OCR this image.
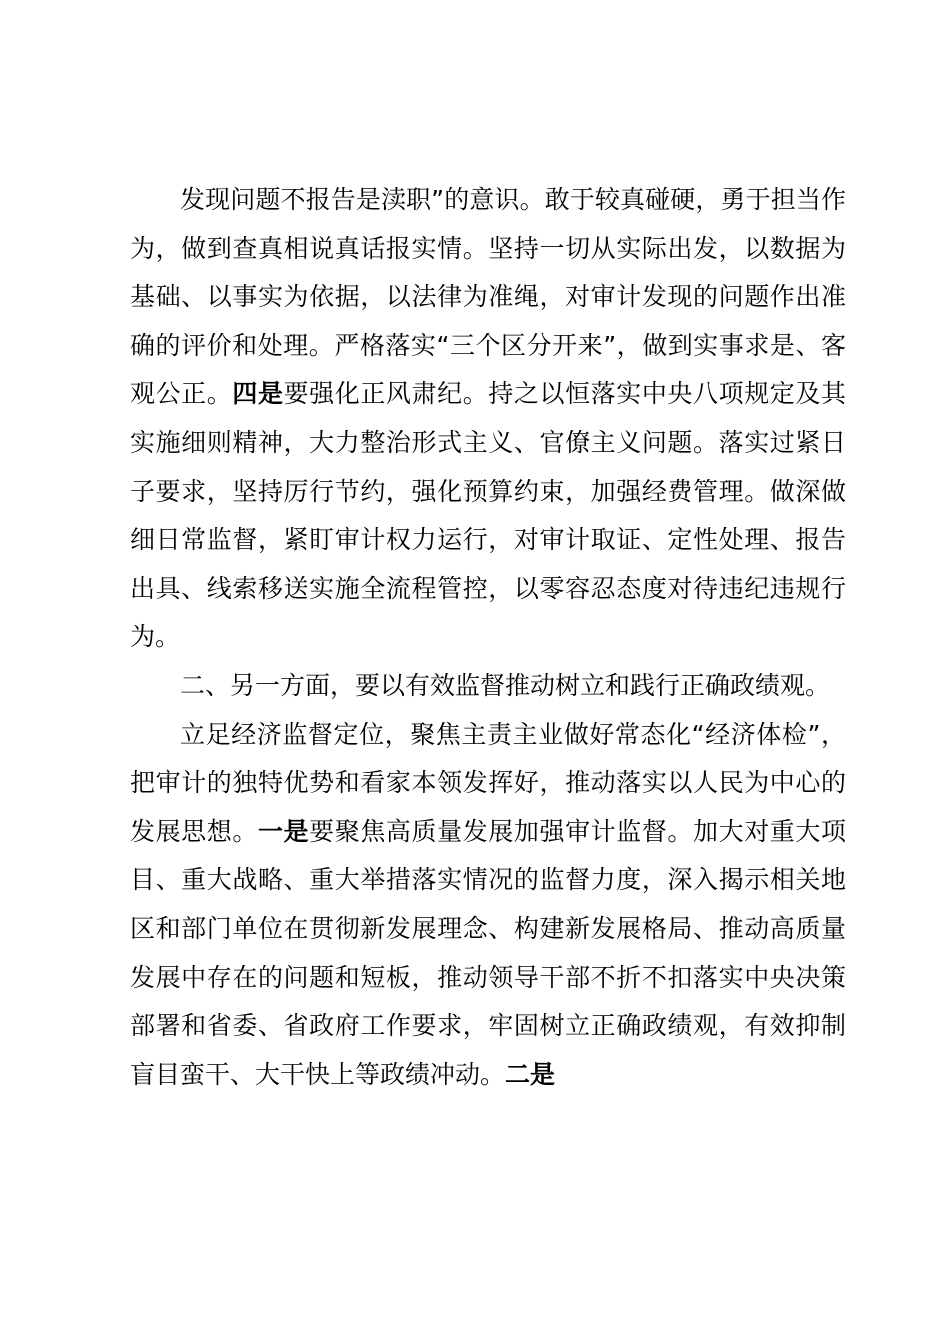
发现问题不报告是渎职”的意识。敢于较真碰硬，勇于担当作为，做到查真相说真话报实情。坚持一切从实际出发，以数据为基础、以事实为依据，以法律为准绳，对审计发现的问题作出准确的评价和处理。严格落实“三个区分开来”，做到实事求是、客观公正。四是要强化正风肃纪。持之以恒落实中央八项规定及其实施细则精神，大力整治形式主义、官僚主义问题。落实过紧日子要求，坚持厉行节约，强化预算约束，加强经费管理。做深做细日常监督，紧盯审计权力运行，对审计取证、定性处理、报告出具、线索移送实施全流程管控，以零容忍态度对待违纪违规行为。

二、另一方面，要以有效监督推动树立和践行正确政绩观。

立足经济监督定位，聚焦主责主业做好常态化“经济体检”，把审计的独特优势和看家本领发挥好，推动落实以人民为中心的发展思想。一是要聚焦高质量发展加强审计监督。加大对重大项目、重大战略、重大举措落实情况的监督力度，深入揭示相关地区和部门单位在贯彻新发展理念、构建新发展格局、推动高质量发展中存在的问题和短板，推动领导干部不折不扣落实中央决策部署和省委、省政府工作要求，牢固树立正确政绩观，有效抑制盲目蛮干、大干快上等政绩冲动。二是
